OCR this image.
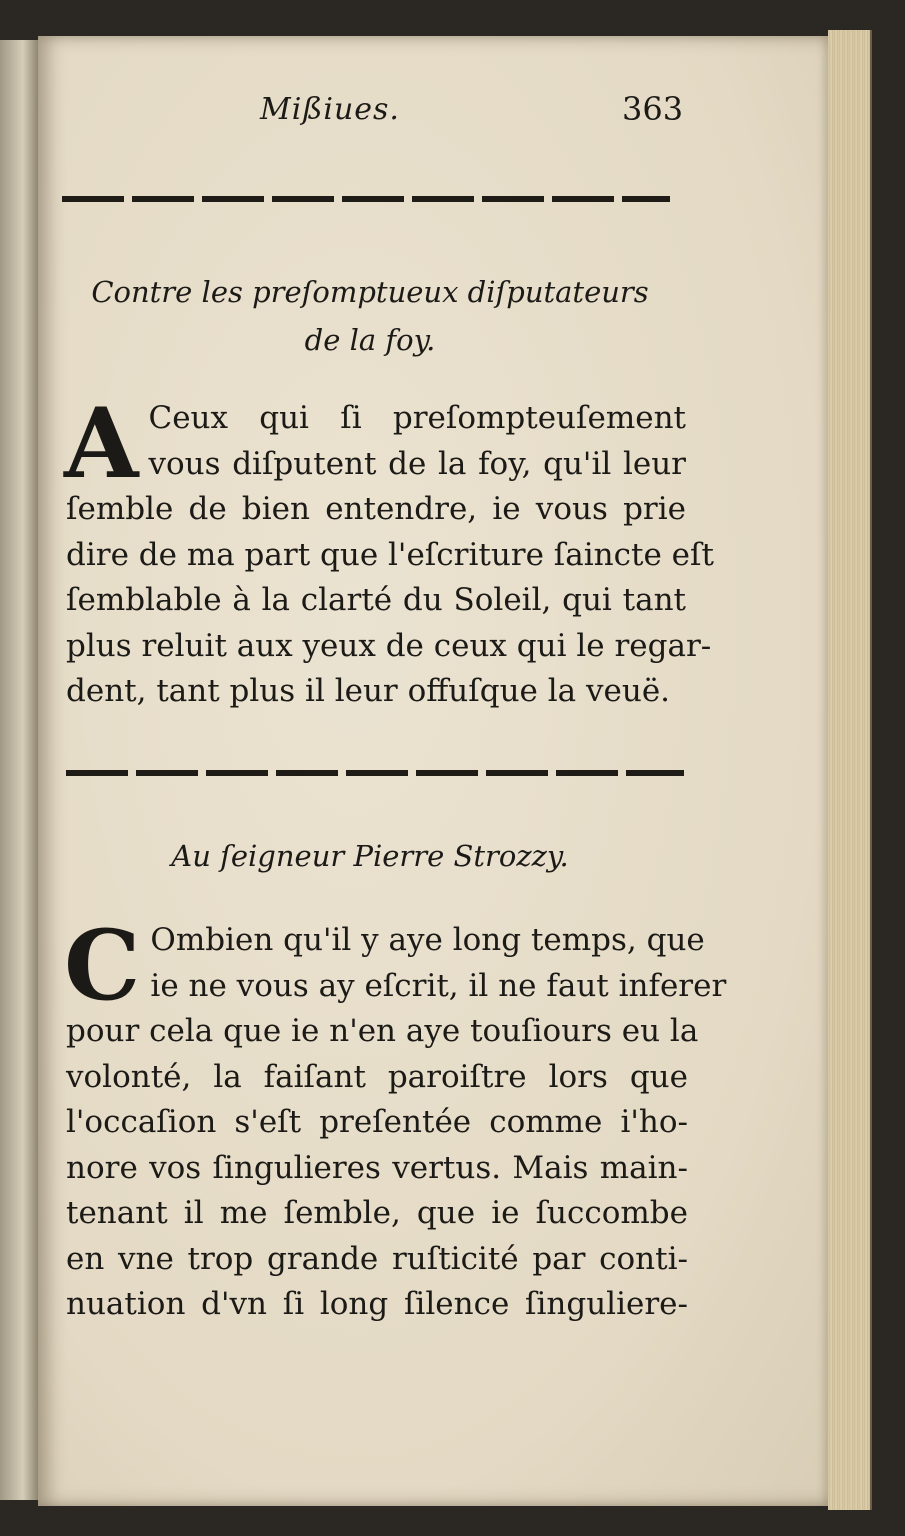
Mißiues.	363
Contre les preſomptueux diſputateurs
de la foy.
A Ceux qui ſi preſompteuſement
vous diſputent de la foy, qu'il leur
ſemble de bien entendre, ie vous prie
dire de ma part que l'eſcriture ſaincte eſt
ſemblable à la clarté du Soleil, qui tant
plus reluit aux yeux de ceux qui le regar-
dent, tant plus il leur offuſque la veuë.
Au ſeigneur Pierre Strozzy.
C Ombien qu'il y aye long temps, que
ie ne vous ay eſcrit, il ne faut inferer
pour cela que ie n'en aye touſiours eu la
volonté, la faiſant paroiſtre lors que
l'occaſion s'eſt preſentée comme i'ho-
nore vos ſingulieres vertus. Mais main-
tenant il me ſemble, que ie ſuccombe
en vne trop grande ruſticité par conti-
nuation d'vn ſi long ſilence ſinguliere-
